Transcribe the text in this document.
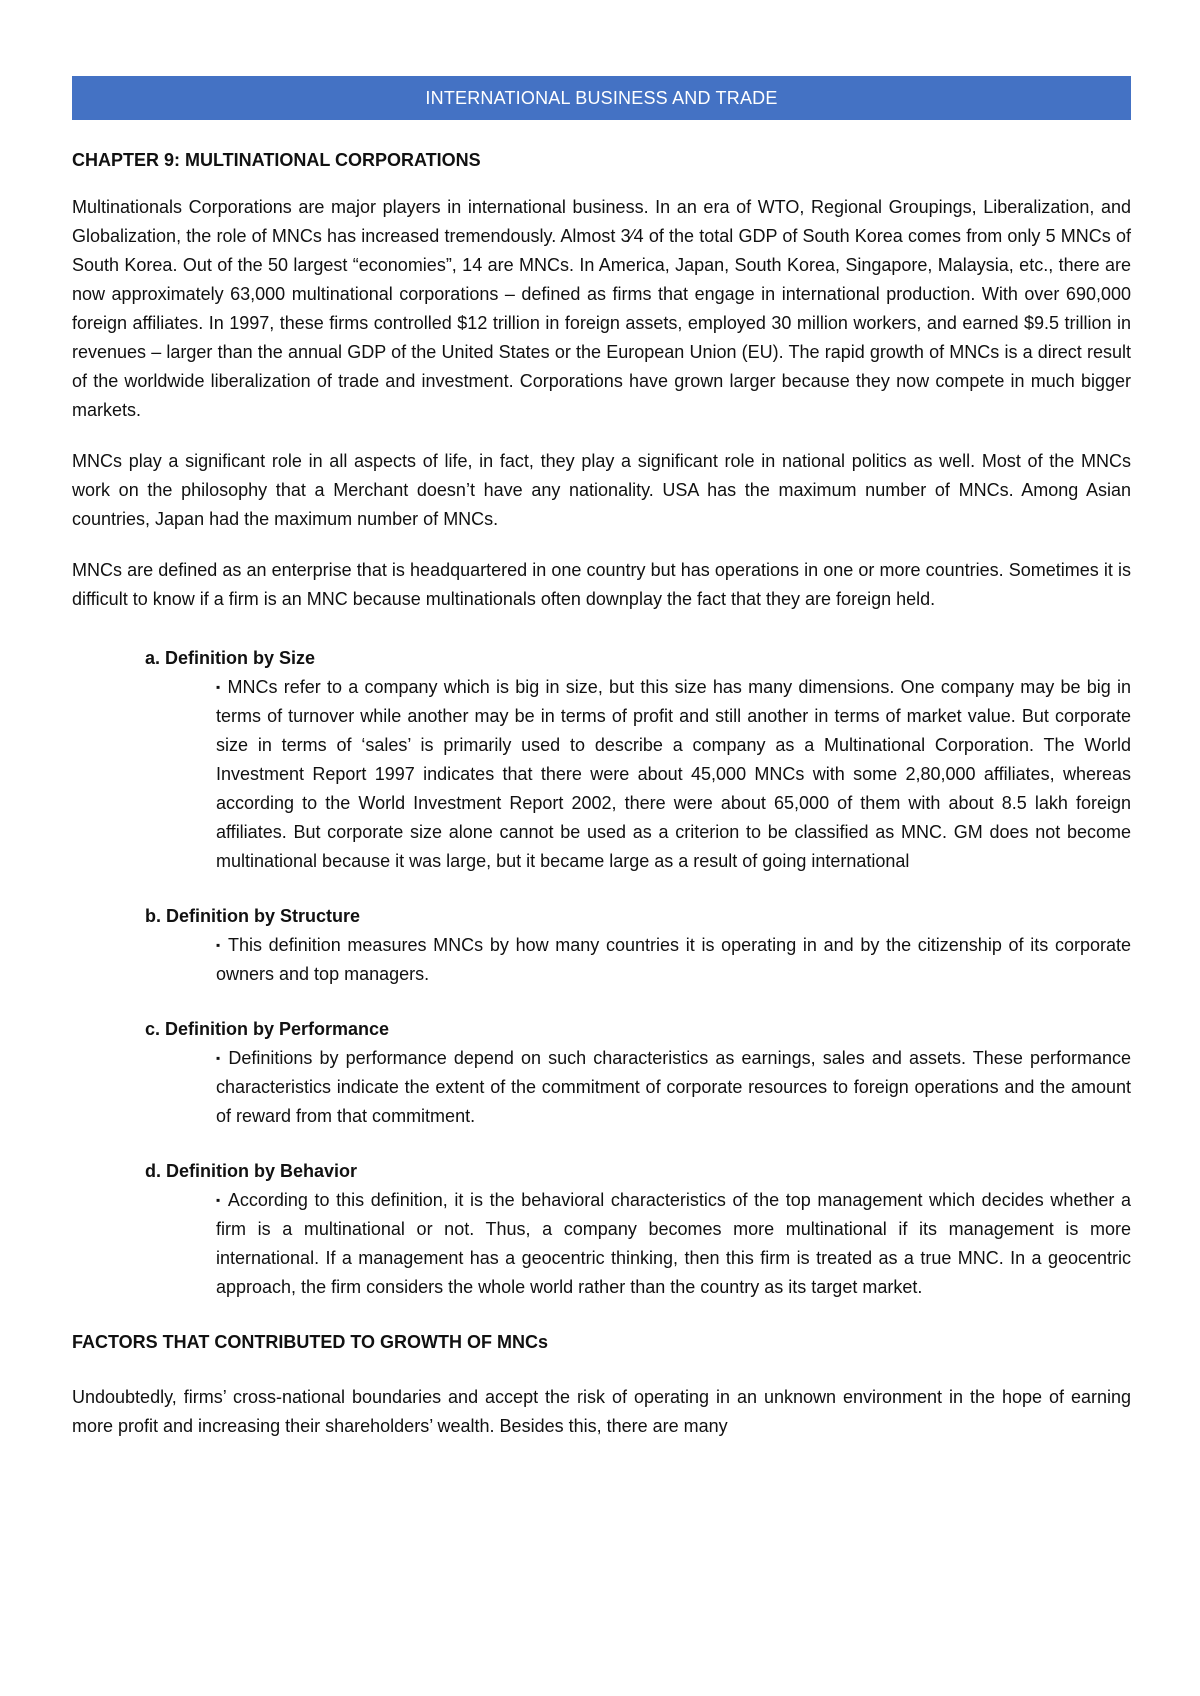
INTERNATIONAL BUSINESS AND TRADE
CHAPTER 9: MULTINATIONAL CORPORATIONS

Multinationals Corporations are major players in international business. In an era of WTO, Regional Groupings, Liberalization, and Globalization, the role of MNCs has increased tremendously. Almost 3⁄4 of the total GDP of South Korea comes from only 5 MNCs of South Korea. Out of the 50 largest “economies”, 14 are MNCs. In America, Japan, South Korea, Singapore, Malaysia, etc., there are now approximately 63,000 multinational corporations – defined as firms that engage in international production. With over 690,000 foreign affiliates. In 1997, these firms controlled $12 trillion in foreign assets, employed 30 million workers, and earned $9.5 trillion in revenues – larger than the annual GDP of the United States or the European Union (EU). The rapid growth of MNCs is a direct result of the worldwide liberalization of trade and investment. Corporations have grown larger because they now compete in much bigger markets.

MNCs play a significant role in all aspects of life, in fact, they play a significant role in national politics as well. Most of the MNCs work on the philosophy that a Merchant doesn’t have any nationality. USA has the maximum number of MNCs. Among Asian countries, Japan had the maximum number of MNCs.

MNCs are defined as an enterprise that is headquartered in one country but has operations in one or more countries. Sometimes it is difficult to know if a firm is an MNC because multinationals often downplay the fact that they are foreign held.

a. Definition by Size
▪ MNCs refer to a company which is big in size, but this size has many dimensions. One company may be big in terms of turnover while another may be in terms of profit and still another in terms of market value. But corporate size in terms of ‘sales’ is primarily used to describe a company as a Multinational Corporation. The World Investment Report 1997 indicates that there were about 45,000 MNCs with some 2,80,000 affiliates, whereas according to the World Investment Report 2002, there were about 65,000 of them with about 8.5 lakh foreign affiliates. But corporate size alone cannot be used as a criterion to be classified as MNC. GM does not become multinational because it was large, but it became large as a result of going international
b. Definition by Structure
▪ This definition measures MNCs by how many countries it is operating in and by the citizenship of its corporate owners and top managers.
c. Definition by Performance
▪ Definitions by performance depend on such characteristics as earnings, sales and assets. These performance characteristics indicate the extent of the commitment of corporate resources to foreign operations and the amount of reward from that commitment.
d. Definition by Behavior
▪ According to this definition, it is the behavioral characteristics of the top management which decides whether a firm is a multinational or not. Thus, a company becomes more multinational if its management is more international. If a management has a geocentric thinking, then this firm is treated as a true MNC. In a geocentric approach, the firm considers the whole world rather than the country as its target market.
FACTORS THAT CONTRIBUTED TO GROWTH OF MNCs

Undoubtedly, firms’ cross-national boundaries and accept the risk of operating in an unknown environment in the hope of earning more profit and increasing their shareholders’ wealth. Besides this, there are many
